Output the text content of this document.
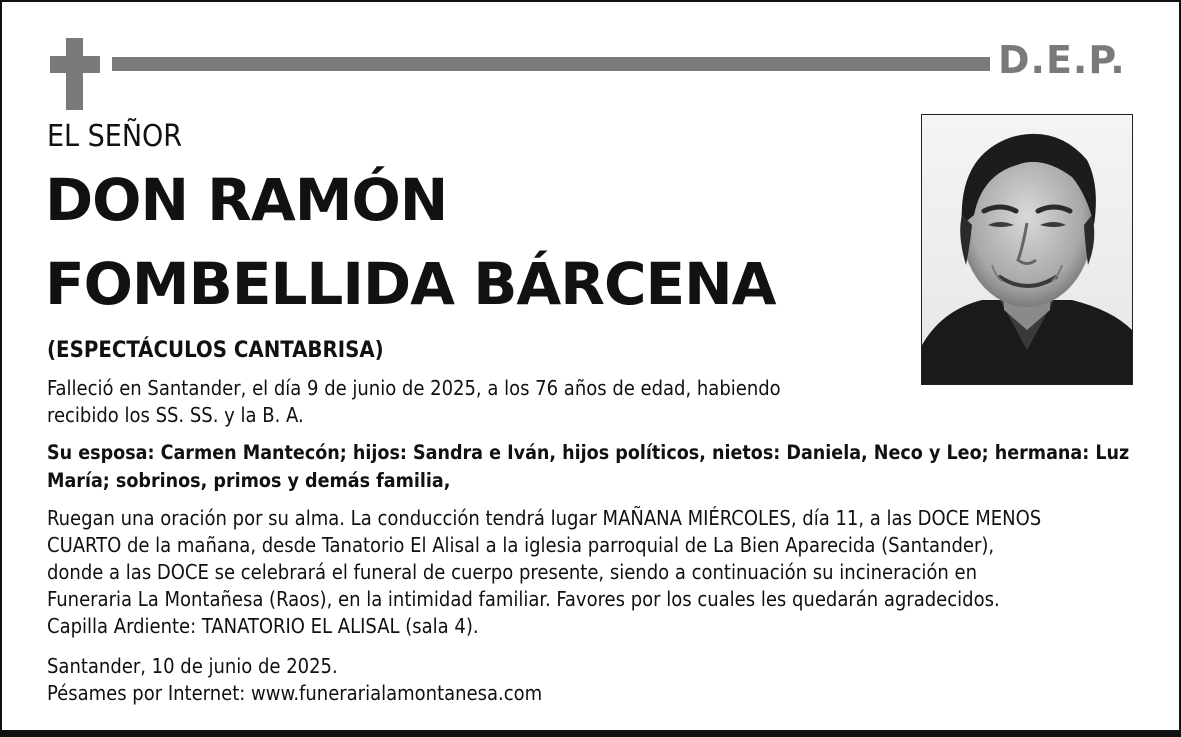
D.E.P.
EL SEÑOR
DON RAMÓN
FOMBELLIDA BÁRCENA
(ESPECTÁCULOS CANTABRISA)
Falleció en Santander, el día 9 de junio de 2025, a los 76 años de edad, habiendo
recibido los SS. SS. y la B. A.
Su esposa: Carmen Mantecón; hijos: Sandra e Iván, hijos políticos, nietos: Daniela, Neco y Leo; hermana: Luz
María; sobrinos, primos y demás familia,
Ruegan una oración por su alma. La conducción tendrá lugar MAÑANA MIÉRCOLES, día 11, a las DOCE MENOS
CUARTO de la mañana, desde Tanatorio El Alisal a la iglesia parroquial de La Bien Aparecida (Santander),
donde a las DOCE se celebrará el funeral de cuerpo presente, siendo a continuación su incineración en
Funeraria La Montañesa (Raos), en la intimidad familiar. Favores por los cuales les quedarán agradecidos.
Capilla Ardiente: TANATORIO EL ALISAL (sala 4).
Santander, 10 de junio de 2025.
Pésames por Internet: www.funerarialamontanesa.com
